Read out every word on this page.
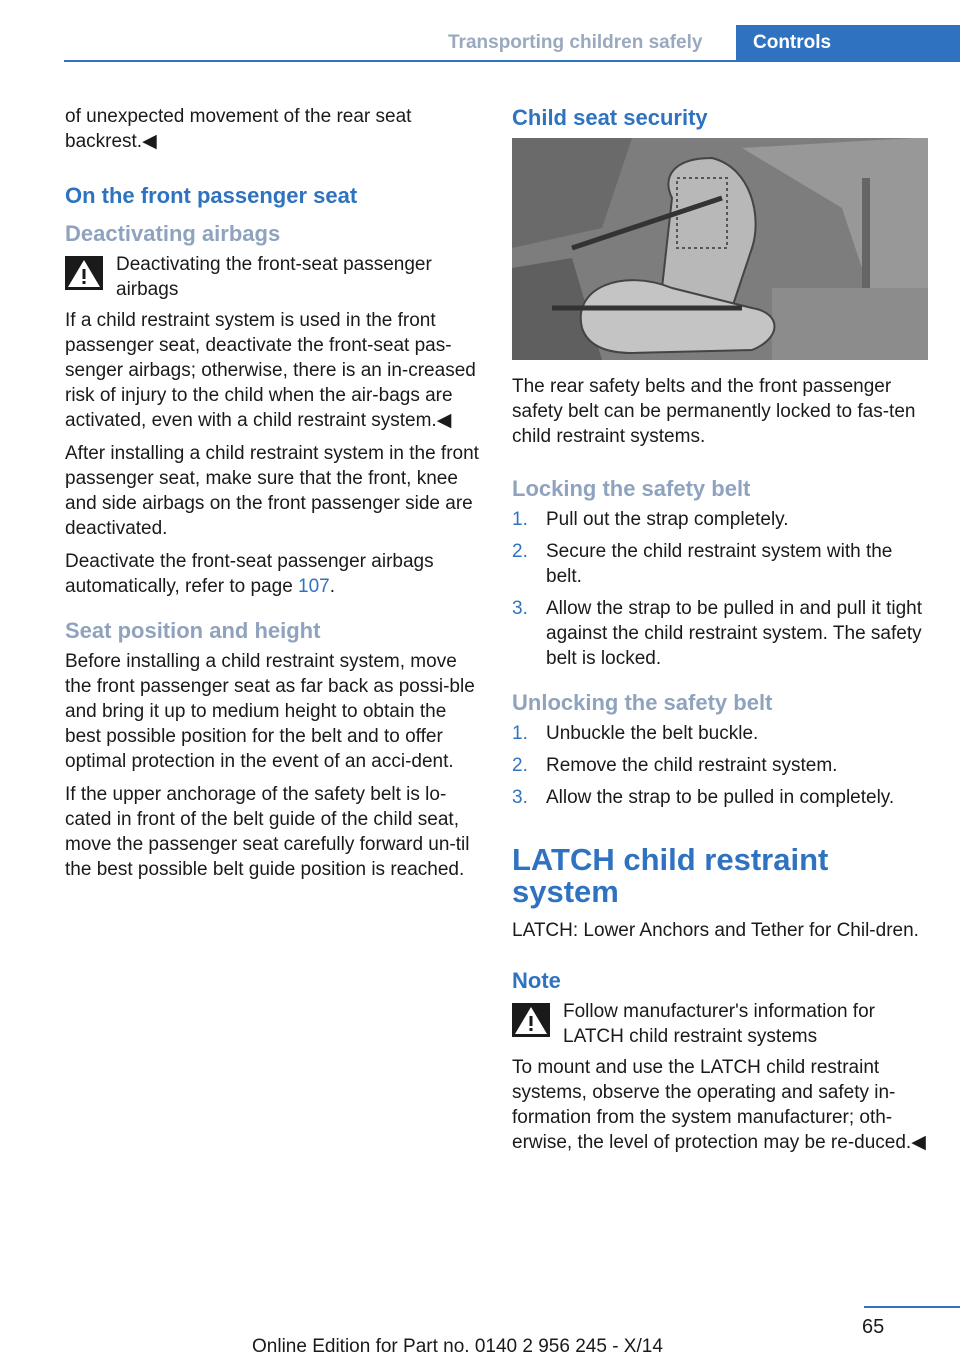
Transporting children safely	Controls

of unexpected movement of the rear seat backrest.◀

On the front passenger seat
Deactivating airbags

Deactivating the front-seat passenger airbags

If a child restraint system is used in the front passenger seat, deactivate the front-seat pas-senger airbags; otherwise, there is an in-creased risk of injury to the child when the air-bags are activated, even with a child restraint system.◀

After installing a child restraint system in the front passenger seat, make sure that the front, knee and side airbags on the front passenger side are deactivated.

Deactivate the front-seat passenger airbags automatically, refer to page 107.

Seat position and height

Before installing a child restraint system, move the front passenger seat as far back as possi-ble and bring it up to medium height to obtain the best possible position for the belt and to offer optimal protection in the event of an acci-dent.

If the upper anchorage of the safety belt is lo-cated in front of the belt guide of the child seat, move the passenger seat carefully forward un-til the best possible belt guide position is reached.

Child seat security

The rear safety belts and the front passenger safety belt can be permanently locked to fas-ten child restraint systems.

Locking the safety belt
1. Pull out the strap completely.
2. Secure the child restraint system with the belt.
3. Allow the strap to be pulled in and pull it tight against the child restraint system. The safety belt is locked.
Unlocking the safety belt
1. Unbuckle the belt buckle.
2. Remove the child restraint system.
3. Allow the strap to be pulled in completely.
LATCH child restraint system

LATCH: Lower Anchors and Tether for Chil-dren.

Note

Follow manufacturer's information for LATCH child restraint systems

To mount and use the LATCH child restraint systems, observe the operating and safety in-formation from the system manufacturer; oth-erwise, the level of protection may be re-duced.◀

65
Online Edition for Part no. 0140 2 956 245 - X/14
